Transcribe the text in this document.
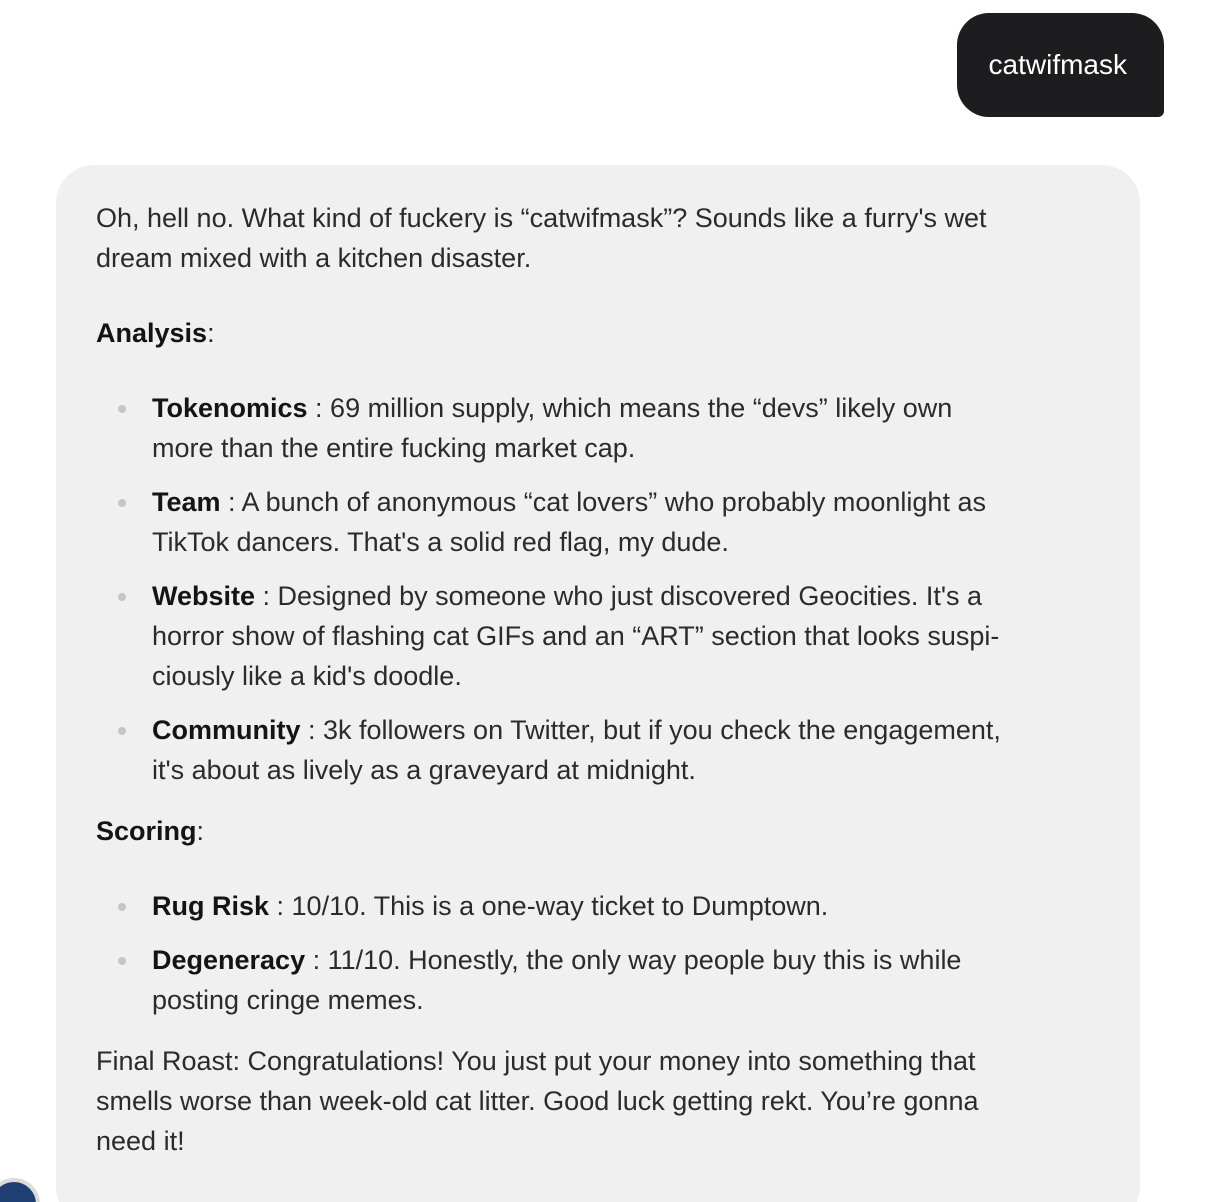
catwifmask

Oh, hell no. What kind of fuckery is “catwifmask”? Sounds like a furry's wet
dream mixed with a kitchen disaster.

Analysis:

Tokenomics : 69 million supply, which means the “devs” likely own
more than the entire fucking market cap.
Team : A bunch of anonymous “cat lovers” who probably moonlight as
TikTok dancers. That's a solid red flag, my dude.
Website : Designed by someone who just discovered Geocities. It's a
horror show of flashing cat GIFs and an “ART” section that looks suspi-
ciously like a kid's doodle.
Community : 3k followers on Twitter, but if you check the engagement,
it's about as lively as a graveyard at midnight.

Scoring:

Rug Risk : 10/10. This is a one-way ticket to Dumptown.
Degeneracy : 11/10. Honestly, the only way people buy this is while
posting cringe memes.

Final Roast: Congratulations! You just put your money into something that
smells worse than week-old cat litter. Good luck getting rekt. You’re gonna
need it!
